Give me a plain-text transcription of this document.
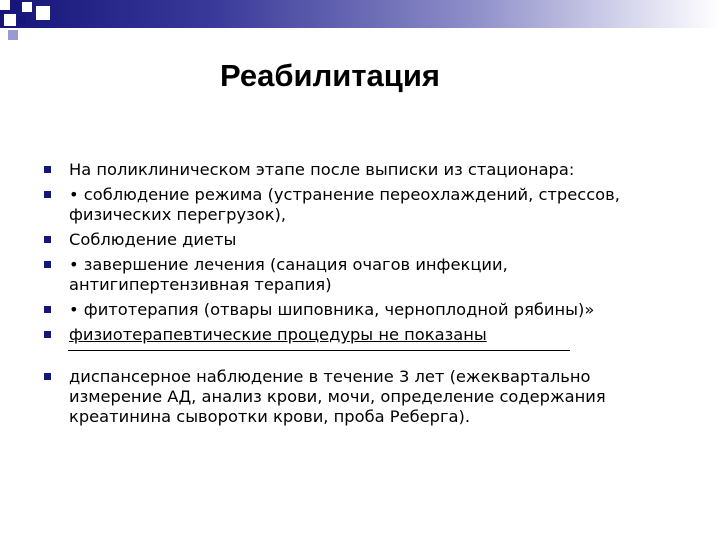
Реабилитация
На поликлиническом этапе после выписки из стационара:
• соблюдение режима (устранение переохлаждений, стрессов, физических перегрузок),
Соблюдение диеты
• завершение лечения (санация очагов инфекции, антигипертензивная терапия)
• фитотерапия (отвары шиповника, черноплодной рябины)»
физиотерапевтические процедуры не показаны
диспансерное наблюдение в течение 3 лет (ежеквартально измерение АД, анализ крови, мочи, определение содержания креатинина сыворотки крови, проба Реберга).
